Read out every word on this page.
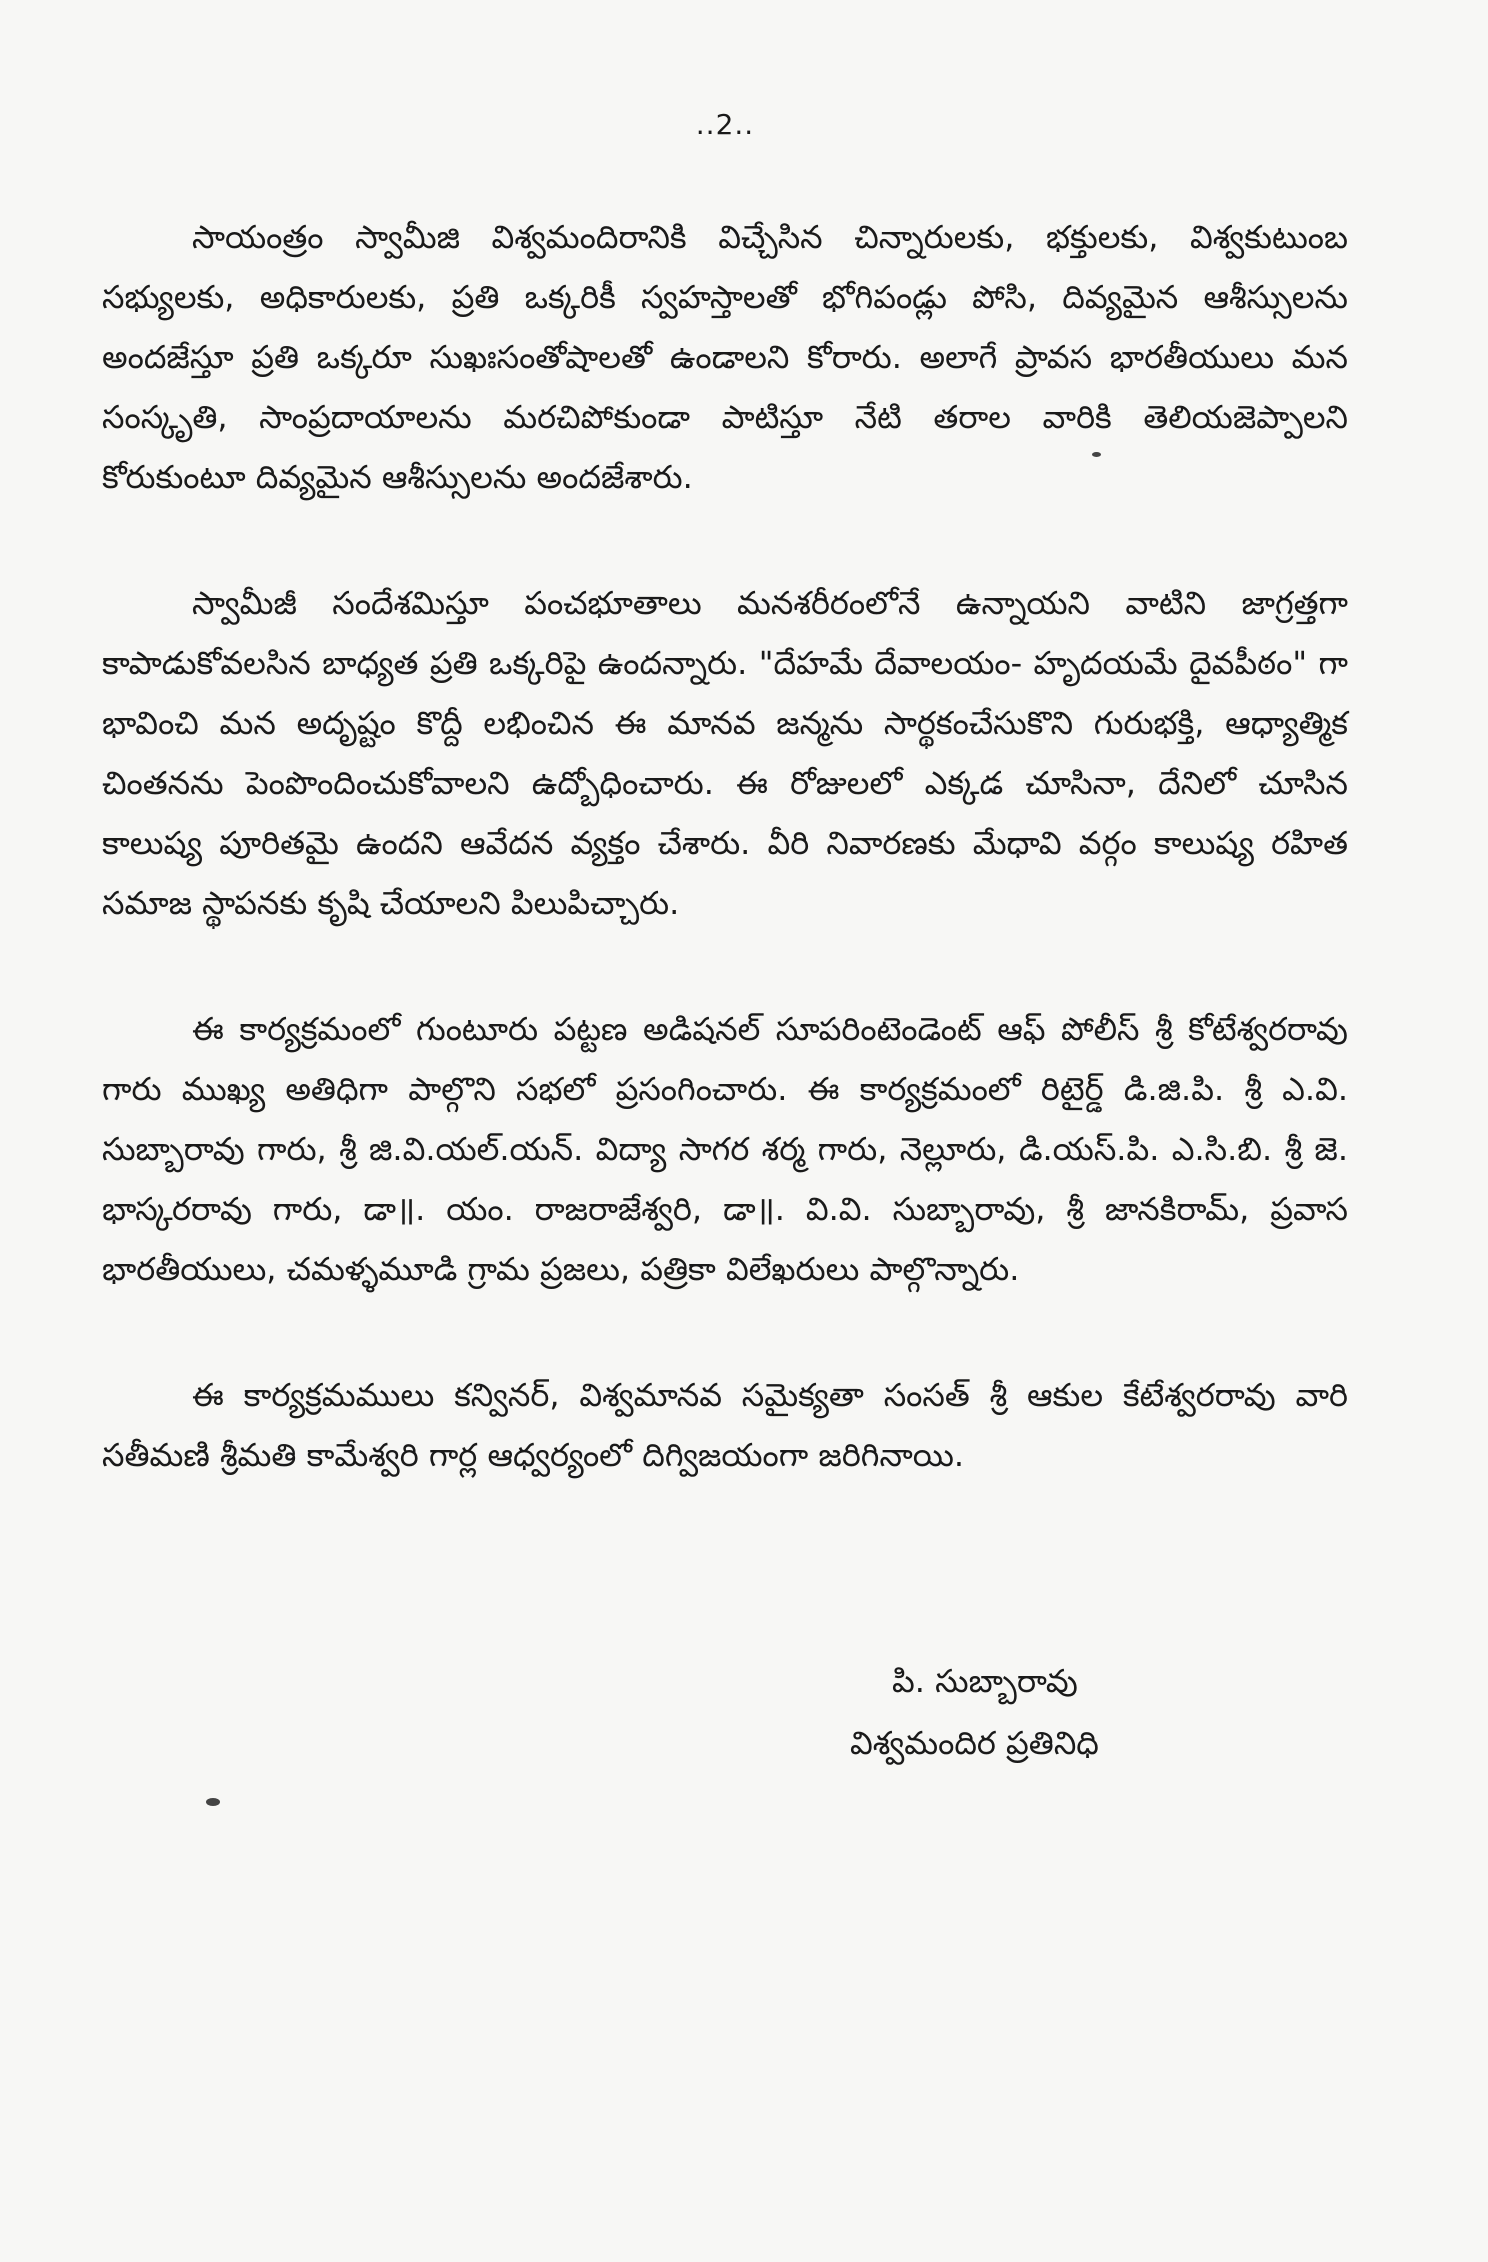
..2..

సాయంత్రం స్వామీజి విశ్వమందిరానికి విచ్చేసిన చిన్నారులకు, భక్తులకు, విశ్వకుటుంబ సభ్యులకు, అధికారులకు, ప్రతి ఒక్కరికీ స్వహస్తాలతో భోగిపండ్లు పోసి, దివ్యమైన ఆశీస్సులను అందజేస్తూ ప్రతి ఒక్కరూ సుఖఃసంతోషాలతో ఉండాలని కోరారు. అలాగే ప్రావస భారతీయులు మన సంస్కృతి, సాంప్రదాయాలను మరచిపోకుండా పాటిస్తూ నేటి తరాల వారికి తెలియజెప్పాలని కోరుకుంటూ దివ్యమైన ఆశీస్సులను అందజేశారు.

స్వామీజీ సందేశమిస్తూ పంచభూతాలు మనశరీరంలోనే ఉన్నాయని వాటిని జాగ్రత్తగా కాపాడుకోవలసిన బాధ్యత ప్రతి ఒక్కరిపై ఉందన్నారు. "దేహమే దేవాలయం- హృదయమే దైవపీఠం" గా భావించి మన అదృష్టం కొద్దీ లభించిన ఈ మానవ జన్మను సార్థకంచేసుకొని గురుభక్తి, ఆధ్యాత్మిక చింతనను పెంపొందించుకోవాలని ఉద్బోధించారు. ఈ రోజులలో ఎక్కడ చూసినా, దేనిలో చూసిన కాలుష్య పూరితమై ఉందని ఆవేదన వ్యక్తం చేశారు. వీరి నివారణకు మేధావి వర్గం కాలుష్య రహిత సమాజ స్థాపనకు కృషి చేయాలని పిలుపిచ్చారు.

ఈ కార్యక్రమంలో గుంటూరు పట్టణ అడిషనల్ సూపరింటెండెంట్ ఆఫ్ పోలీస్ శ్రీ కోటేశ్వరరావు గారు ముఖ్య అతిధిగా పాల్గొని సభలో ప్రసంగించారు. ఈ కార్యక్రమంలో రిటైర్డ్ డి.జి.పి. శ్రీ ఎ.వి. సుబ్బారావు గారు, శ్రీ జి.వి.యల్.యన్. విద్యా సాగర శర్మ గారు, నెల్లూరు, డి.యస్.పి. ఎ.సి.బి. శ్రీ జె. భాస్కరరావు గారు, డా॥. యం. రాజరాజేశ్వరి, డా॥. వి.వి. సుబ్బారావు, శ్రీ జానకిరామ్, ప్రవాస భారతీయులు, చమళ్ళమూడి గ్రామ ప్రజలు, పత్రికా విలేఖరులు పాల్గొన్నారు.

ఈ కార్యక్రమములు కన్వినర్, విశ్వమానవ సమైక్యతా సంసత్ శ్రీ ఆకుల కేటేశ్వరరావు వారి సతీమణి శ్రీమతి కామేశ్వరి గార్ల ఆధ్వర్యంలో దిగ్విజయంగా జరిగినాయి.

పి. సుబ్బారావు
విశ్వమందిర ప్రతినిధి
